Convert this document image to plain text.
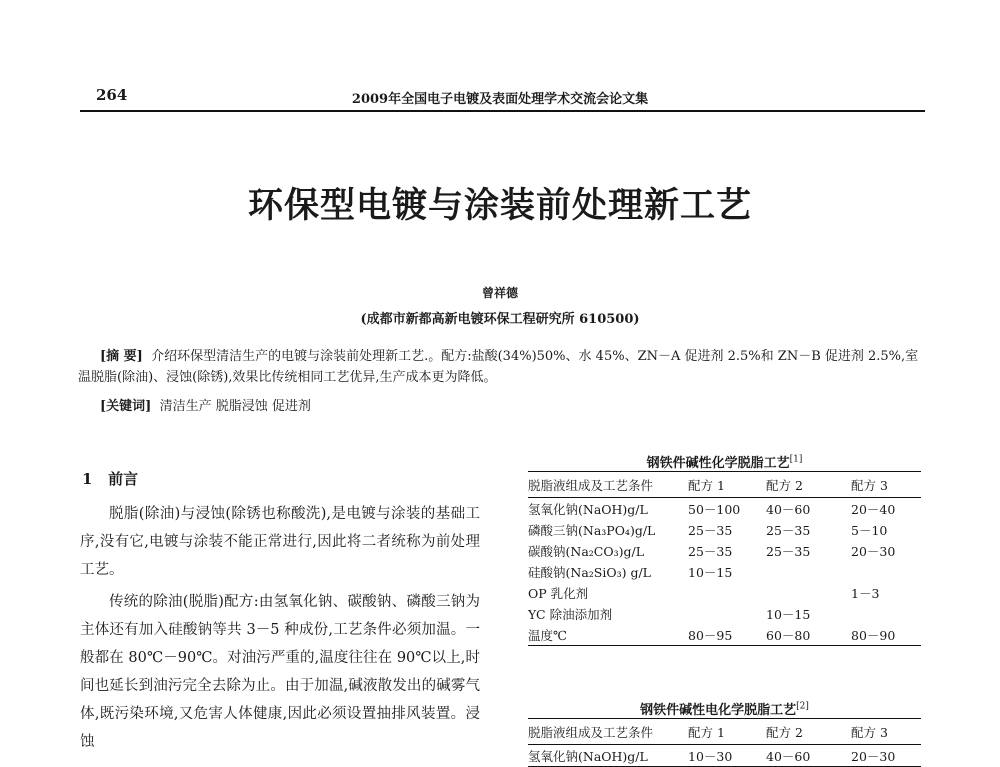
264	2009年全国电子电镀及表面处理学术交流会论文集
环保型电镀与涂装前处理新工艺
曾祥德
(成都市新都高新电镀环保工程研究所 610500)
[摘 要] 介绍环保型清洁生产的电镀与涂装前处理新工艺.。配方:盐酸(34%)50%、水 45%、ZN－A 促进剂 2.5%和 ZN－B 促进剂 2.5%,室温脱脂(除油)、浸蚀(除锈),效果比传统相同工艺优异,生产成本更为降低。
[关键词] 清洁生产 脱脂浸蚀 促进剂
1 前言

脱脂(除油)与浸蚀(除锈也称酸洗),是电镀与涂装的基础工序,没有它,电镀与涂装不能正常进行,因此将二者统称为前处理工艺。

传统的除油(脱脂)配方:由氢氧化钠、碳酸钠、磷酸三钠为主体还有加入硅酸钠等共 3－5 种成份,工艺条件必须加温。一般都在 80℃－90℃。对油污严重的,温度往往在 90℃以上,时间也延长到油污完全去除为止。由于加温,碱液散发出的碱雾气体,既污染环境,又危害人体健康,因此必须设置抽排风装置。浸蚀

钢铁件碱性化学脱脂工艺[1]
脱脂液组成及工艺条件	配方 1	配方 2	配方 3
氢氧化钠(NaOH)g/L	50－100	40－60	20－40
磷酸三钠(Na₃PO₄)g/L	25－35	25－35	5－10
碳酸钠(Na₂CO₃)g/L	25－35	25－35	20－30
硅酸钠(Na₂SiO₃) g/L	10－15		
OP 乳化剂			1－3
YC 除油添加剂		10－15	
温度℃	80－95	60－80	80－90
钢铁件碱性电化学脱脂工艺[2]
脱脂液组成及工艺条件	配方 1	配方 2	配方 3
氢氧化钠(NaOH)g/L	10－30	40－60	20－30
